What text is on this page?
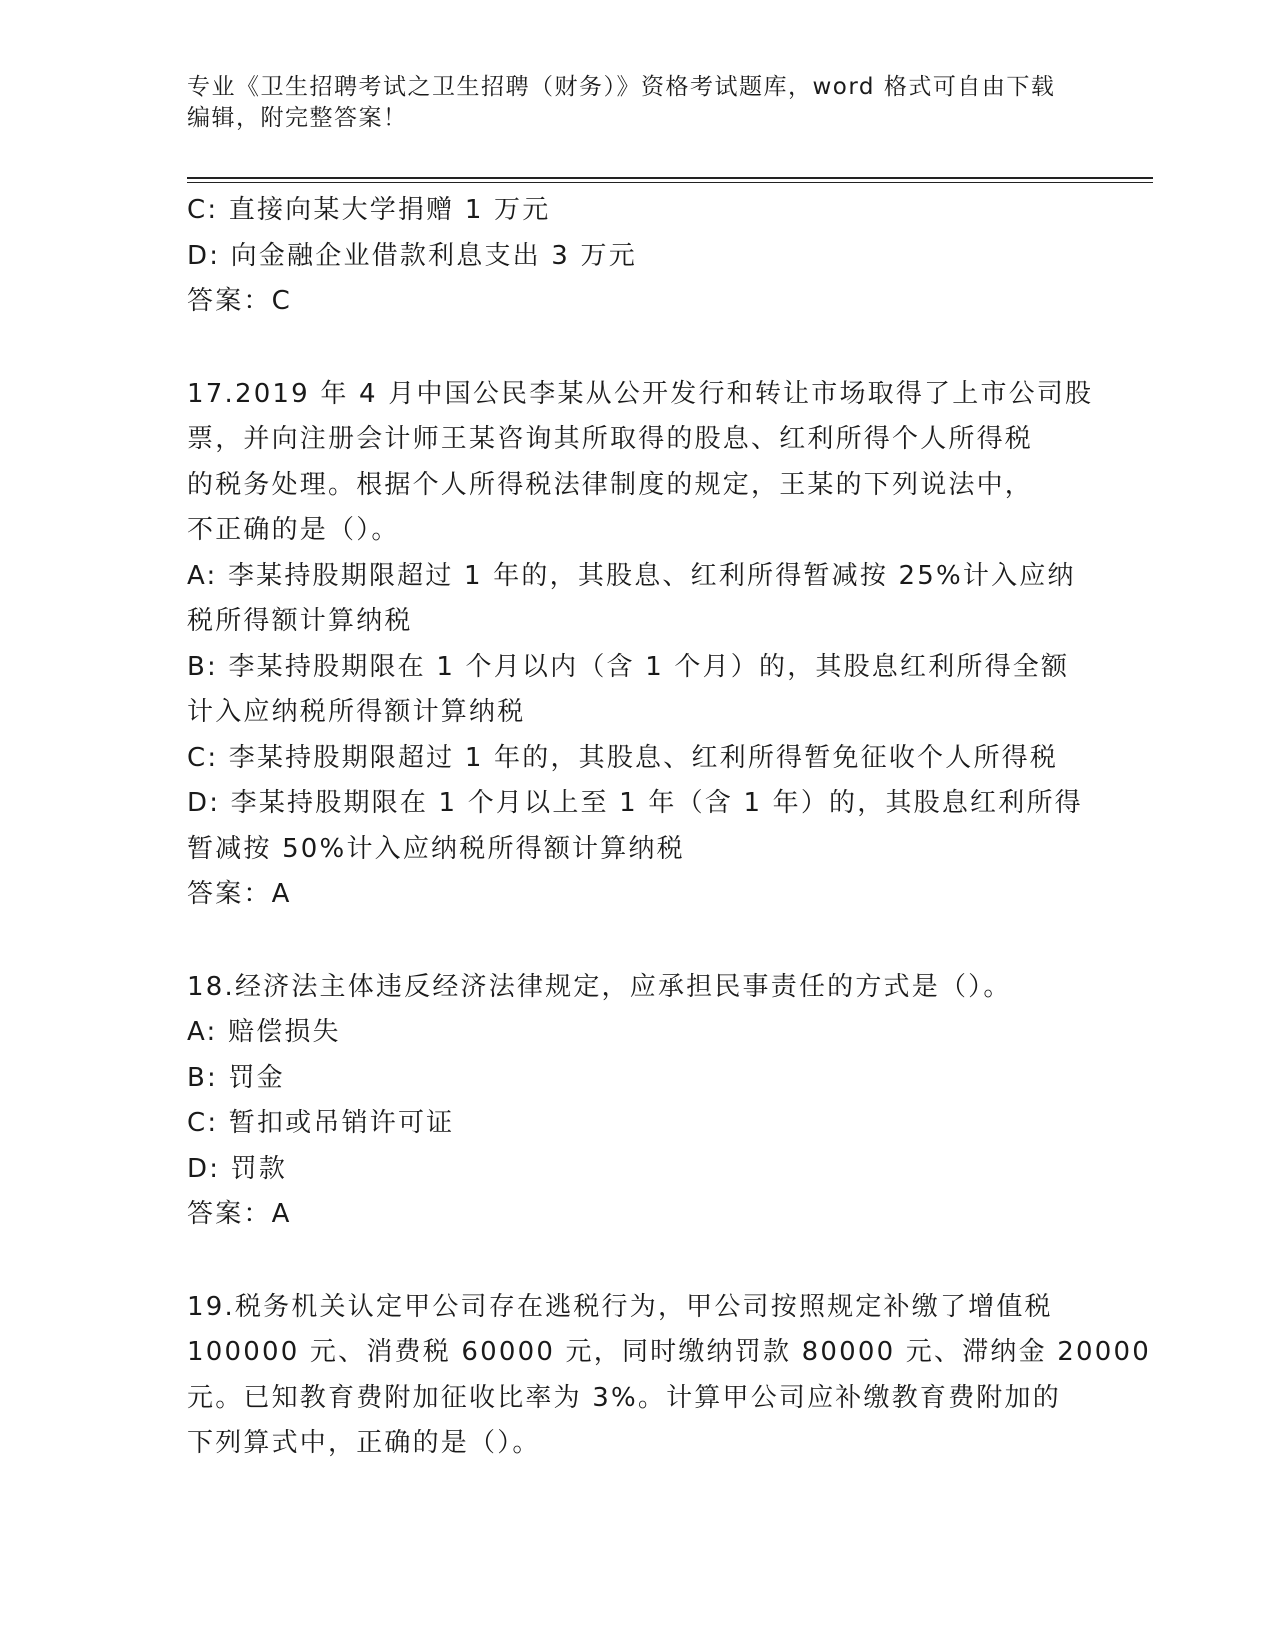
专业《卫生招聘考试之卫生招聘（财务）》资格考试题库，word 格式可自由下载
编辑，附完整答案！
C: 直接向某大学捐赠 1 万元
D: 向金融企业借款利息支出 3 万元
答案：C
17.2019 年 4 月中国公民李某从公开发行和转让市场取得了上市公司股
票，并向注册会计师王某咨询其所取得的股息、红利所得个人所得税
的税务处理。根据个人所得税法律制度的规定，王某的下列说法中，
不正确的是（）。
A: 李某持股期限超过 1 年的，其股息、红利所得暂减按 25%计入应纳
税所得额计算纳税
B: 李某持股期限在 1 个月以内（含 1 个月）的，其股息红利所得全额
计入应纳税所得额计算纳税
C: 李某持股期限超过 1 年的，其股息、红利所得暂免征收个人所得税
D: 李某持股期限在 1 个月以上至 1 年（含 1 年）的，其股息红利所得
暂减按 50%计入应纳税所得额计算纳税
答案：A
18.经济法主体违反经济法律规定，应承担民事责任的方式是（）。
A: 赔偿损失
B: 罚金
C: 暂扣或吊销许可证
D: 罚款
答案：A
19.税务机关认定甲公司存在逃税行为，甲公司按照规定补缴了增值税
100000 元、消费税 60000 元，同时缴纳罚款 80000 元、滞纳金 20000
元。已知教育费附加征收比率为 3%。计算甲公司应补缴教育费附加的
下列算式中，正确的是（）。
